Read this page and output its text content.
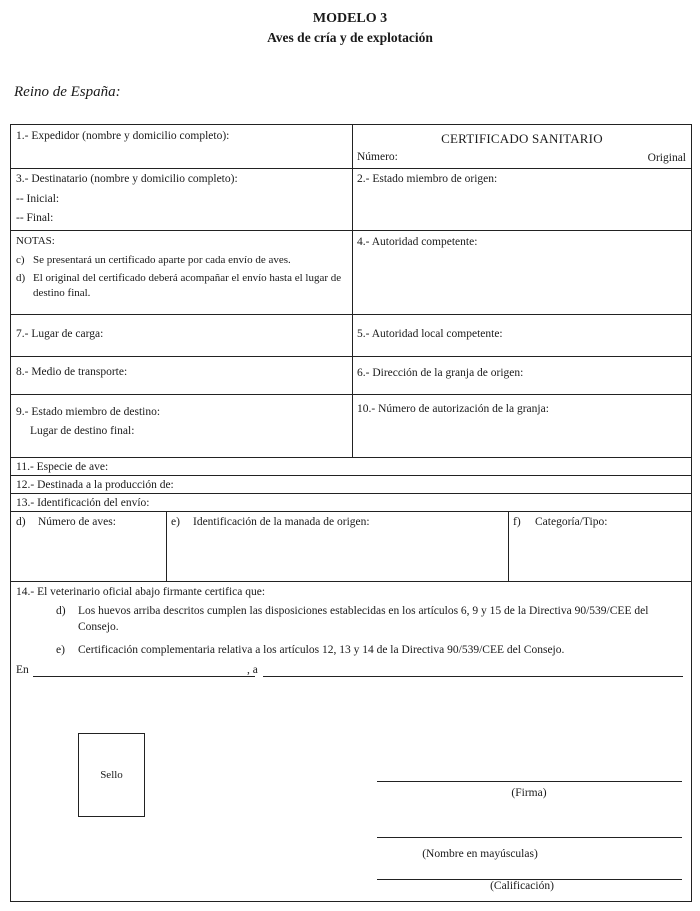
MODELO 3
Aves de cría y de explotación
Reino de España:
1.- Expedidor (nombre y domicilio completo):	CERTIFICADO SANITARIO
Número:	Original
3.- Destinatario (nombre y domicilio completo):
-- Inicial:
-- Final:
2.- Estado miembro de origen:
NOTAS:
c) Se presentará un certificado aparte por cada envío de aves.
d) El original del certificado deberá acompañar el envío hasta el lugar de destino final.
4.- Autoridad competente:
7.- Lugar de carga:	5.- Autoridad local competente:
8.- Medio de transporte:	6.- Dirección de la granja de origen:
9.- Estado miembro de destino:
Lugar de destino final:
10.- Número de autorización de la granja:
11.- Especie de ave:
12.- Destinada a la producción de:
13.- Identificación del envío:
d) Número de aves:	e) Identificación de la manada de origen:	f) Categoría/Tipo:
14.- El veterinario oficial abajo firmante certifica que:
d)	Los huevos arriba descritos cumplen las disposiciones establecidas en los artículos 6, 9 y 15 de la Directiva 90/539/CEE del Consejo.
e)	Certificación complementaria relativa a los artículos 12, 13 y 14 de la Directiva 90/539/CEE del Consejo.
En	, a
Sello
(Firma)
(Nombre en mayúsculas)
(Calificación)
